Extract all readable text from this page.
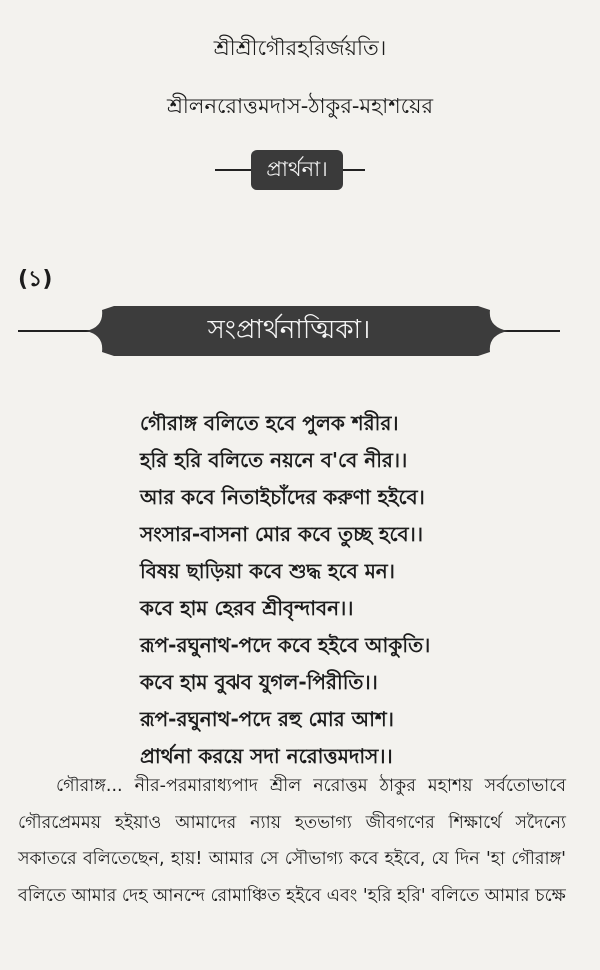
শ্রীশ্রীগৌরহরির্জয়তি।
শ্রীলনরোত্তমদাস-ঠাকুর-মহাশয়ের
প্রার্থনা।
(১)
সংপ্রার্থনাত্মিকা।
গৌরাঙ্গ বলিতে হবে পুলক শরীর।
হরি হরি বলিতে নয়নে ব'বে নীর।।
আর কবে নিতাইচাঁদের করুণা হইবে।
সংসার-বাসনা মোর কবে তুচ্ছ হবে।।
বিষয় ছাড়িয়া কবে শুদ্ধ হবে মন।
কবে হাম হেরব শ্রীবৃন্দাবন।।
রূপ-রঘুনাথ-পদে কবে হইবে আকুতি।
কবে হাম বুঝব যুগল-পিরীতি।।
রূপ-রঘুনাথ-পদে রহু মোর আশ।
প্রার্থনা করয়ে সদা নরোত্তমদাস।।

গৌরাঙ্গ... নীর-পরমারাধ্যপাদ শ্রীল নরোত্তম ঠাকুর মহাশয় সর্বতোভাবে গৌরপ্রেমময় হইয়াও আমাদের ন্যায় হতভাগ্য জীবগণের শিক্ষার্থে সদৈন্যে সকাতরে বলিতেছেন, হায়! আমার সে সৌভাগ্য কবে হইবে, যে দিন 'হা গৌরাঙ্গ' বলিতে আমার দেহ আনন্দে রোমাঞ্চিত হইবে এবং 'হরি হরি' বলিতে আমার চক্ষে
